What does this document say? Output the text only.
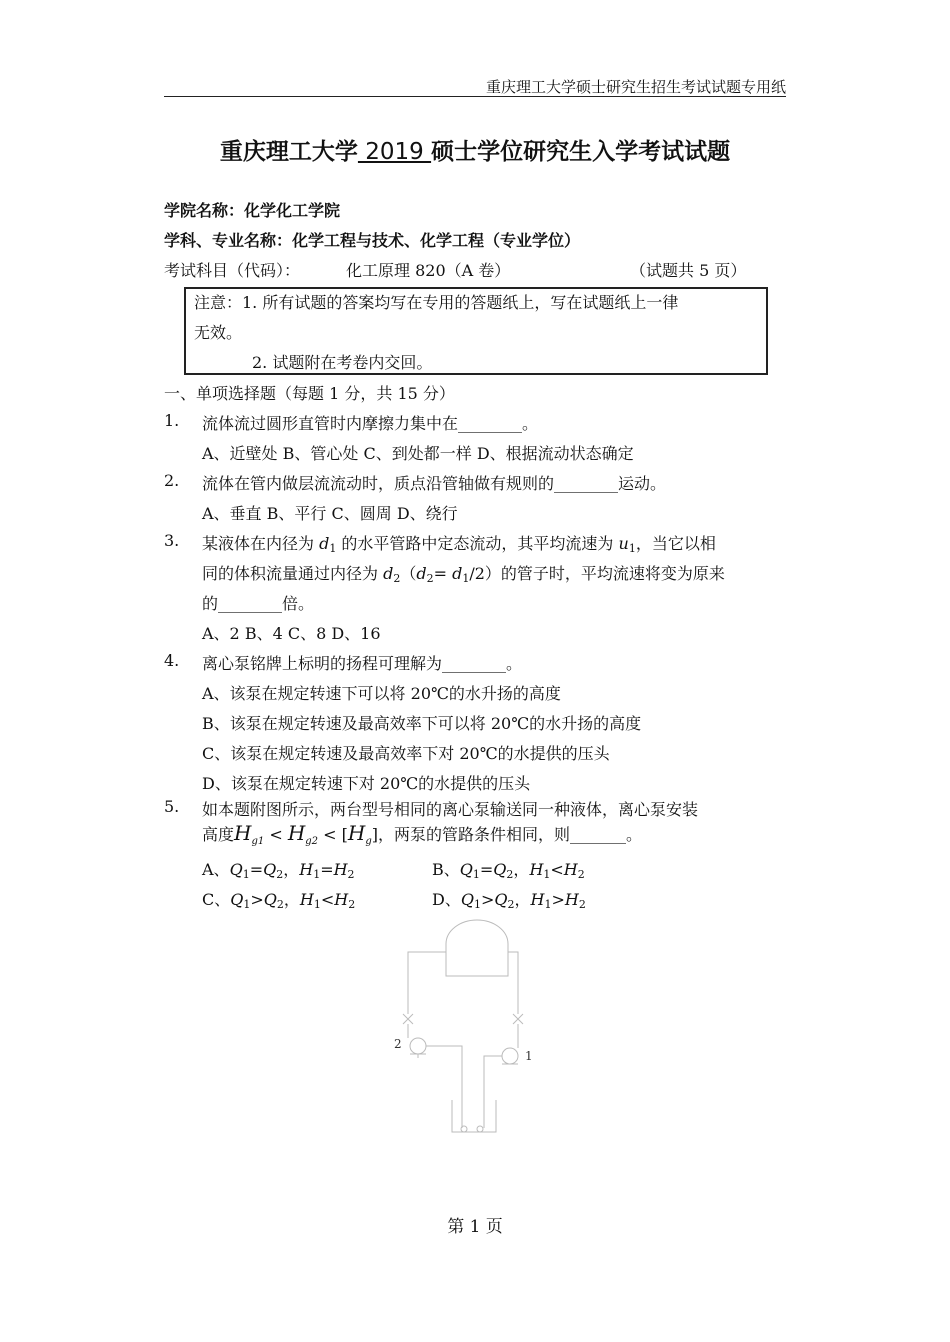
重庆理工大学硕士研究生招生考试试题专用纸
重庆理工大学 2019 硕士学位研究生入学考试试题
学院名称：化学化工学院
学科、专业名称：化学工程与技术、化学工程（专业学位）
考试科目（代码）：	化工原理 820（A 卷）	（试题共 5 页）
注意：1. 所有试题的答案均写在专用的答题纸上，写在试题纸上一律
无效。
2. 试题附在考卷内交回。
一、单项选择题（每题 1 分，共 15 分）
1. 流体流过圆形直管时内摩擦力集中在________。
A、近壁处 B、管心处 C、到处都一样 D、根据流动状态确定
2. 流体在管内做层流流动时，质点沿管轴做有规则的________运动。
A、垂直 B、平行 C、圆周 D、绕行
3. 某液体在内径为 $d_1$ 的水平管路中定态流动，其平均流速为 $u_1$，当它以相
同的体积流量通过内径为 $d_2(d_2= d_1/2)$的管子时，平均流速将变为原来
的________倍。
A、2 B、4 C、8 D、16
4. 离心泵铭牌上标明的扬程可理解为________。
A、该泵在规定转速下可以将 20℃的水升扬的高度
B、该泵在规定转速及最高效率下可以将 20℃的水升扬的高度
C、该泵在规定转速及最高效率下对 20℃的水提供的压头
D、该泵在规定转速下对 20℃的水提供的压头
5. 如本题附图所示，两台型号相同的离心泵输送同一种液体，离心泵安装
高度$H_{g1} < H_{g2} < [H_g]$，两泵的管路条件相同，则_______。
A、$Q_1=Q_2$，$H_1=H_2$	B、$Q_1=Q_2$，$H_1<H_2$
C、$Q_1>Q_2$，$H_1<H_2$	D、$Q_1>Q_2$，$H_1>H_2$
2
1
第 1 页
